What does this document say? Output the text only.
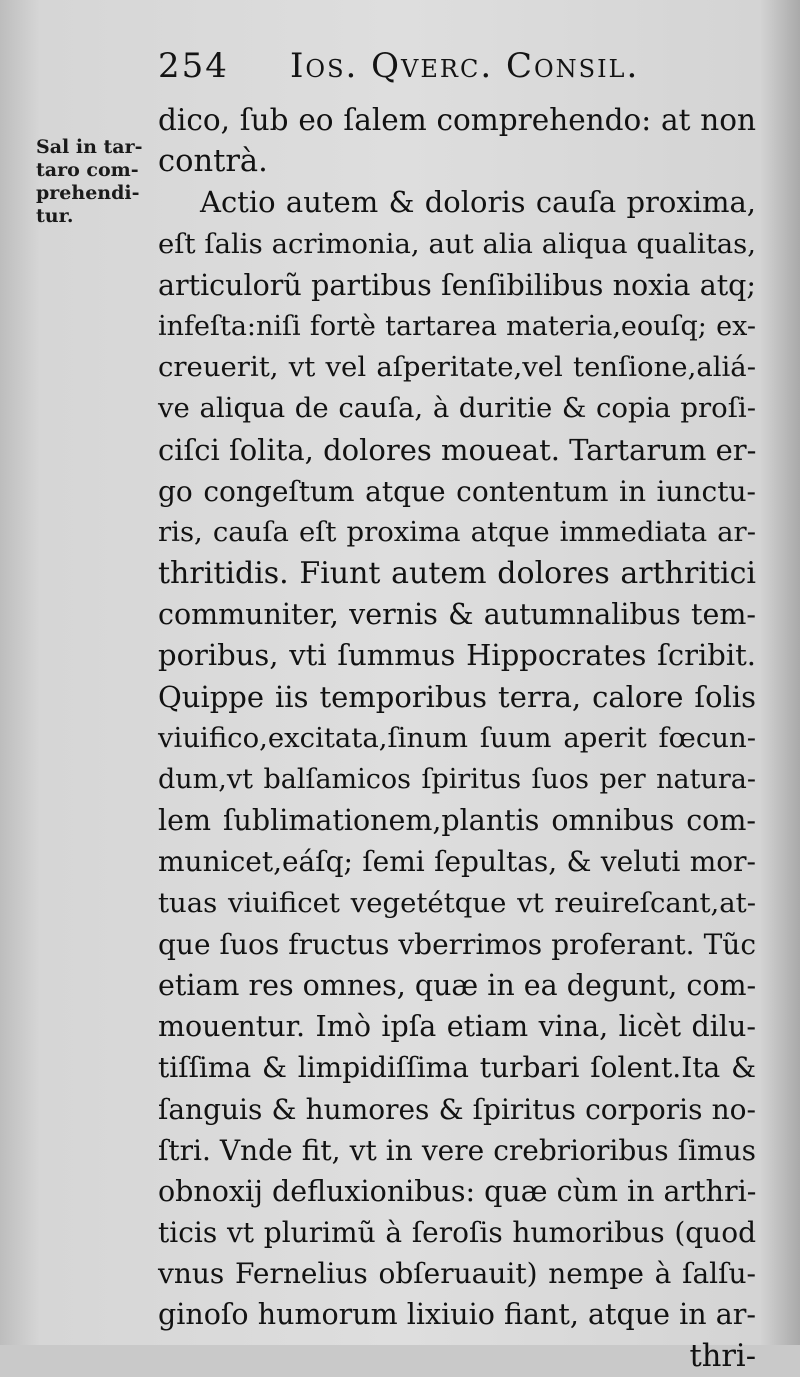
254 Ios. Qverc. Consil.
Sal in tar-
taro com-
prehendi-
tur.
dico, ſub eo ſalem comprehendo: at non
contrà.
Actio autem & doloris cauſa proxima,
eſt ſalis acrimonia, aut alia aliqua qualitas,
articulorũ partibus ſenſibilibus noxia atq;
infeſta:niſi fortè tartarea materia,eouſq; ex-
creuerit, vt vel aſperitate,vel tenſione,aliá-
ve aliqua de cauſa, à duritie & copia proſi-
ciſci ſolita, dolores moueat. Tartarum er-
go congeſtum atque contentum in iunctu-
ris, cauſa eſt proxima atque immediata ar-
thritidis. Fiunt autem dolores arthritici
communiter, vernis & autumnalibus tem-
poribus, vti ſummus Hippocrates ſcribit.
Quippe iis temporibus terra, calore ſolis
viuifico,excitata,ſinum ſuum aperit fœcun-
dum,vt balſamicos ſpiritus ſuos per natura-
lem ſublimationem,plantis omnibus com-
municet,eáſq; ſemi ſepultas, & veluti mor-
tuas viuificet vegetétque vt reuireſcant,at-
que ſuos fructus vberrimos proferant. Tũc
etiam res omnes, quæ in ea degunt, com-
mouentur. Imò ipſa etiam vina, licèt dilu-
tiſſima & limpidiſſima turbari ſolent.Ita &
ſanguis & humores & ſpiritus corporis no-
ſtri. Vnde fit, vt in vere crebrioribus ſimus
obnoxij defluxionibus: quæ cùm in arthri-
ticis vt plurimũ à ſeroſis humoribus (quod
vnus Fernelius obſeruauit) nempe à ſalſu-
ginoſo humorum lixiuio fiant, atque in ar-
thri-
